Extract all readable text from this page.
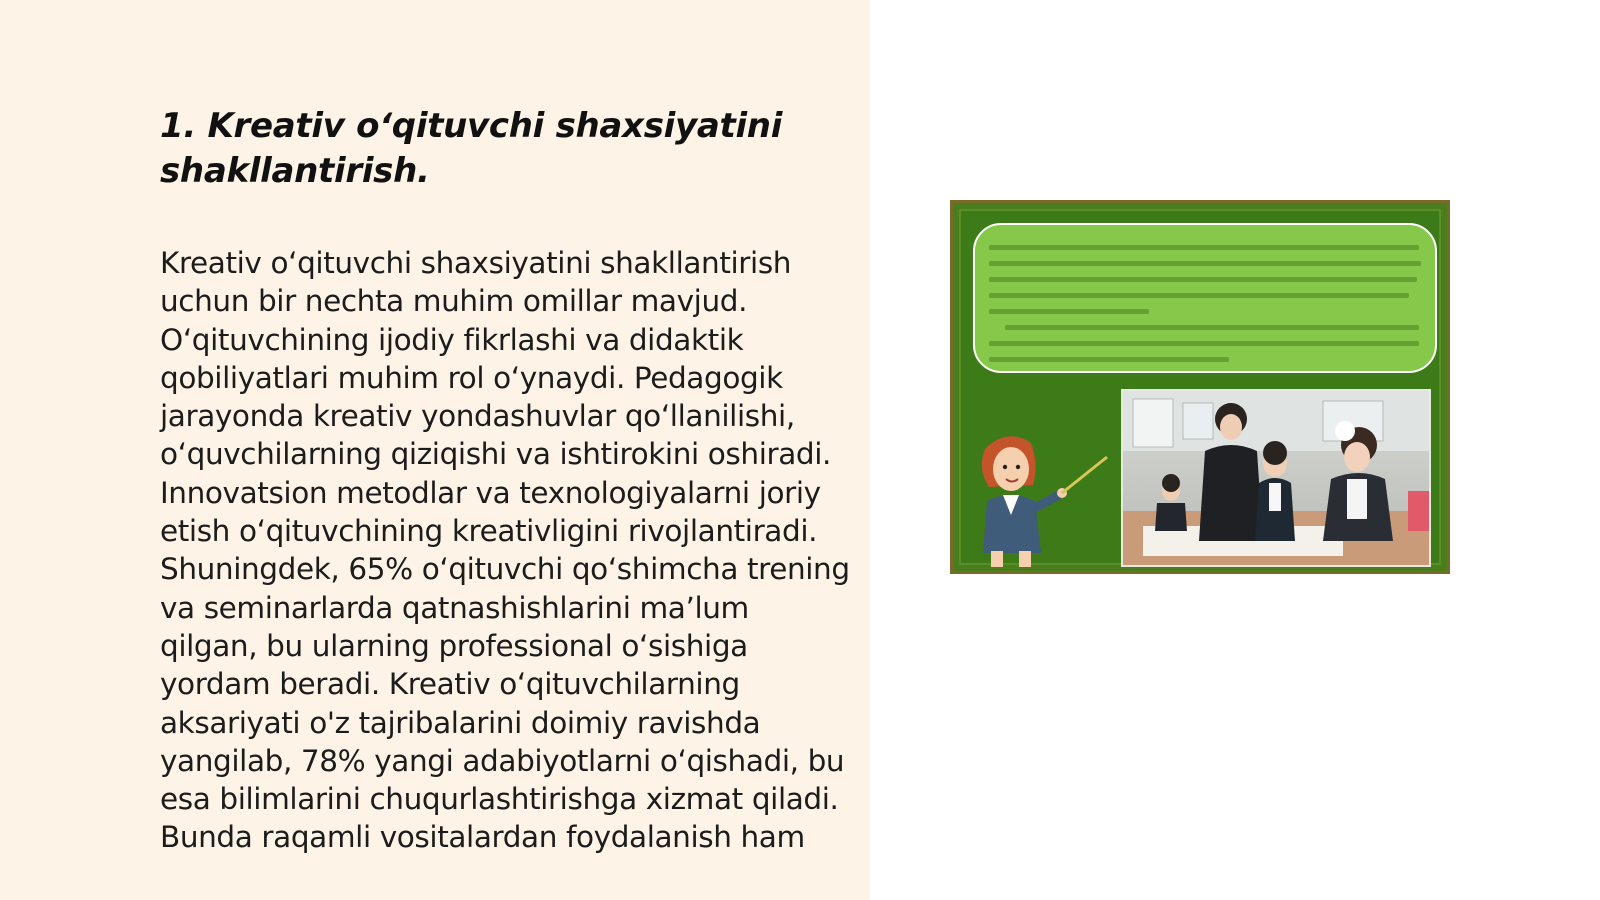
1. Kreativ o‘qituvchi shaxsiyatini shakllantirish.

Kreativ o‘qituvchi shaxsiyatini shakllantirish uchun bir nechta muhim omillar mavjud. O‘qituvchining ijodiy fikrlashi va didaktik qobiliyatlari muhim rol o‘ynaydi. Pedagogik jarayonda kreativ yondashuvlar qo‘llanilishi, o‘quvchilarning qiziqishi va ishtirokini oshiradi. Innovatsion metodlar va texnologiyalarni joriy etish o‘qituvchining kreativligini rivojlantiradi. Shuningdek, 65% o‘qituvchi qo‘shimcha trening va seminarlarda qatnashishlarini ma’lum qilgan, bu ularning professional o‘sishiga yordam beradi. Kreativ o‘qituvchilarning aksariyati o'z tajribalarini doimiy ravishda yangilab, 78% yangi adabiyotlarni o‘qishadi, bu esa bilimlarini chuqurlashtirishga xizmat qiladi. Bunda raqamli vositalardan foydalanish ham
